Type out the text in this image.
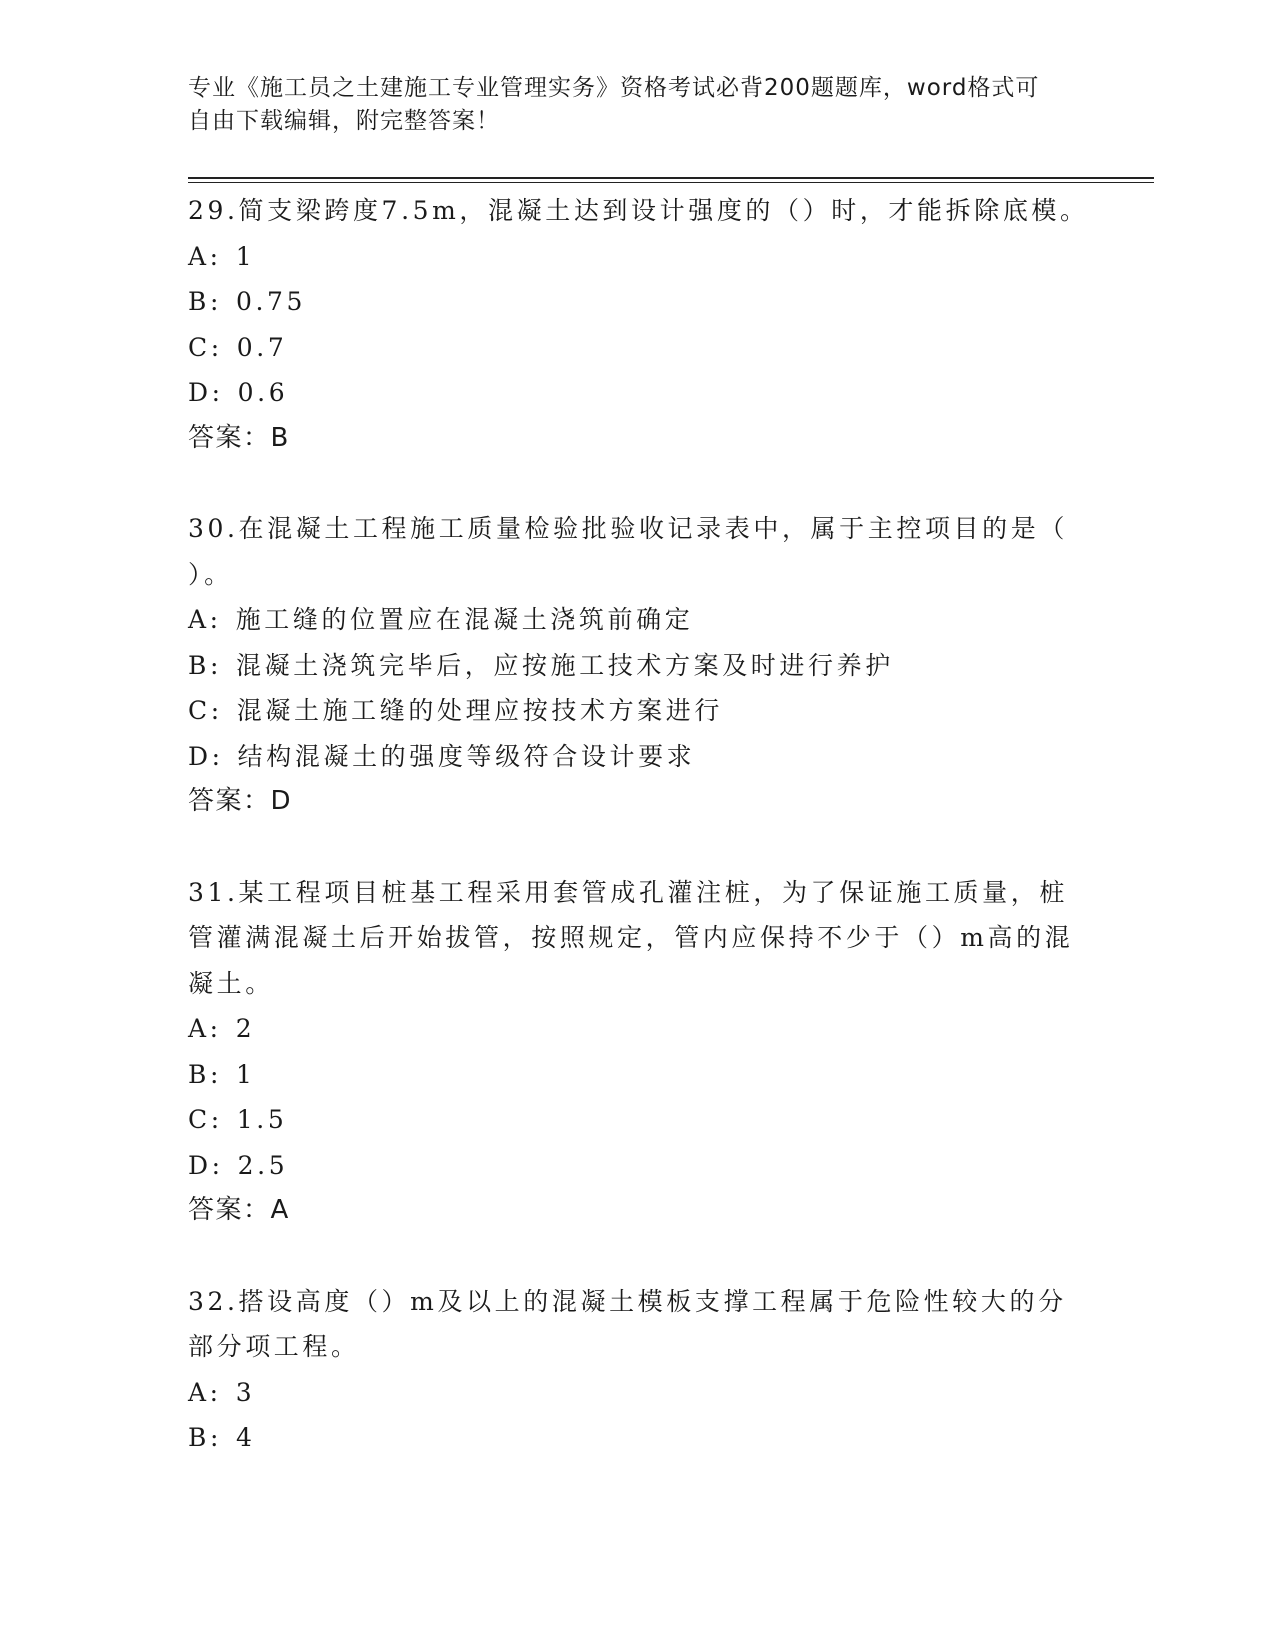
专业《施工员之土建施工专业管理实务》资格考试必背200题题库，word格式可
自由下载编辑，附完整答案！
29.简支梁跨度7.5m，混凝土达到设计强度的（）时，才能拆除底模。
A: 1
B: 0.75
C: 0.7
D: 0.6
答案：B
30.在混凝土工程施工质量检验批验收记录表中，属于主控项目的是（
）。
A: 施工缝的位置应在混凝土浇筑前确定
B: 混凝土浇筑完毕后，应按施工技术方案及时进行养护
C: 混凝土施工缝的处理应按技术方案进行
D: 结构混凝土的强度等级符合设计要求
答案：D
31.某工程项目桩基工程采用套管成孔灌注桩，为了保证施工质量，桩
管灌满混凝土后开始拔管，按照规定，管内应保持不少于（）m高的混
凝土。
A: 2
B: 1
C: 1.5
D: 2.5
答案：A
32.搭设高度（）m及以上的混凝土模板支撑工程属于危险性较大的分
部分项工程。
A: 3
B: 4
